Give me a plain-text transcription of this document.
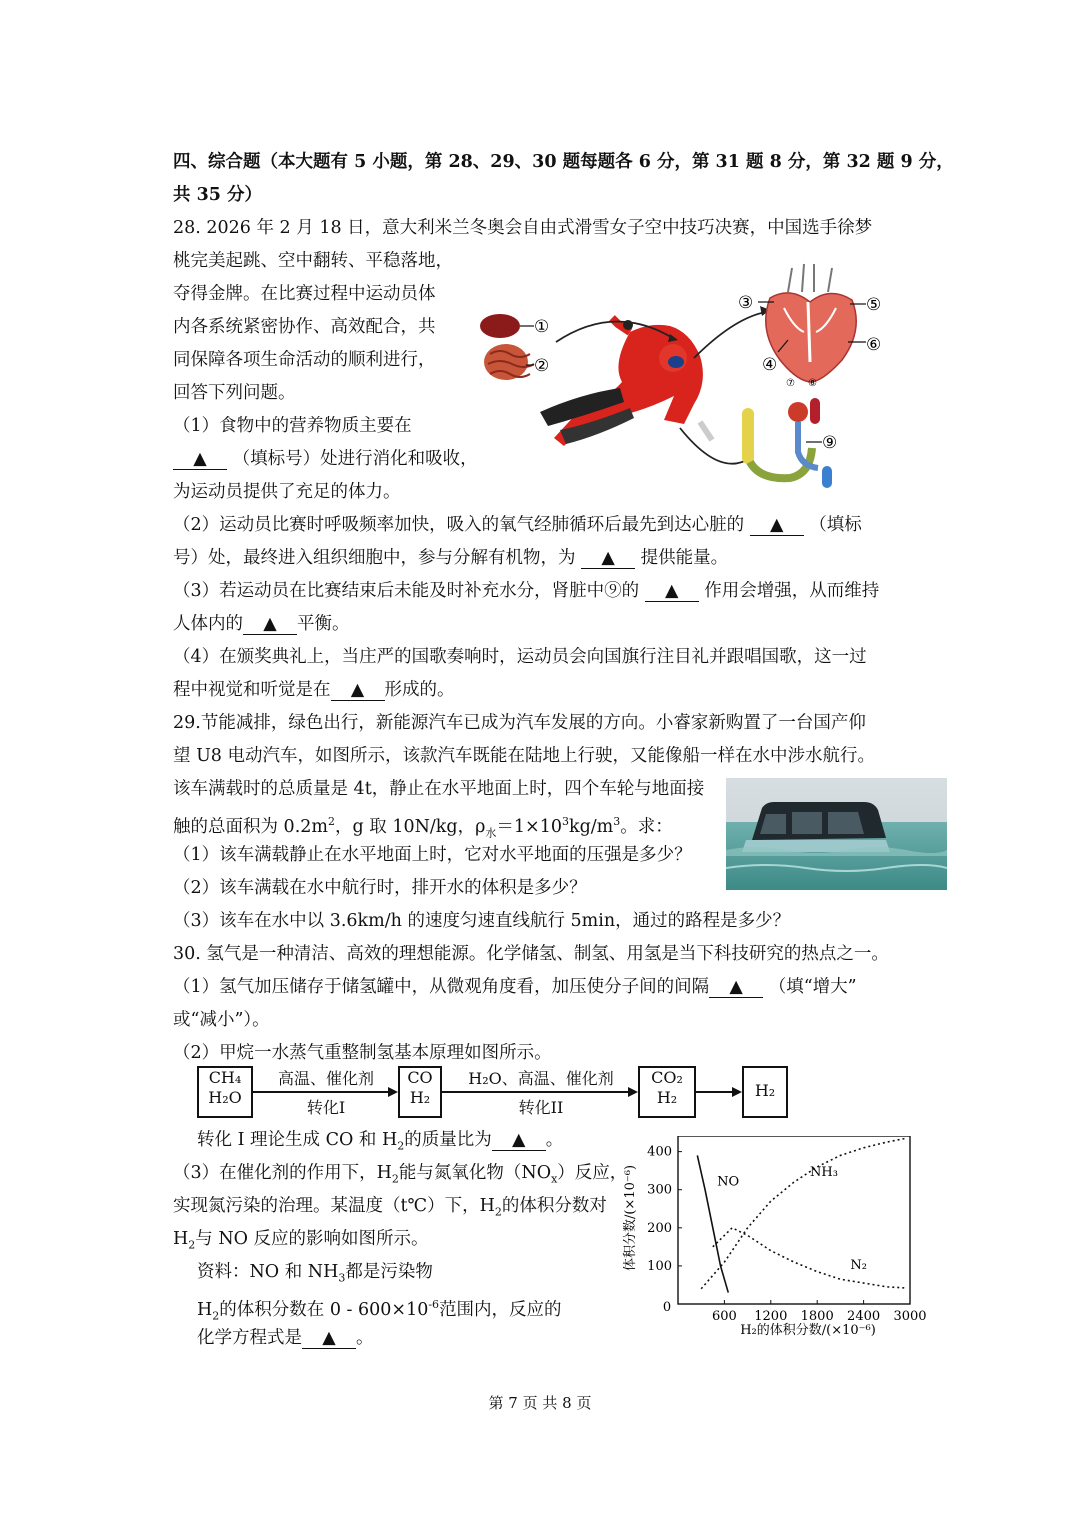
四、综合题（本大题有 5 小题，第 28、29、30 题每题各 6 分，第 31 题 8 分，第 32 题 9 分，
共 35 分）
28. 2026 年 2 月 18 日，意大利米兰冬奥会自由式滑雪女子空中技巧决赛，中国选手徐梦
桃完美起跳、空中翻转、平稳落地，
夺得金牌。在比赛过程中运动员体
内各系统紧密协作、高效配合，共
同保障各项生命活动的顺利进行，
回答下列问题。
（1）食物中的营养物质主要在
▲ （填标号）处进行消化和吸收，
为运动员提供了充足的体力。
（2）运动员比赛时呼吸频率加快，吸入的氧气经肺循环后最先到达心脏的 ▲ （填标
号）处，最终进入组织细胞中，参与分解有机物，为 ▲ 提供能量。
（3）若运动员在比赛结束后未能及时补充水分，肾脏中⑨的 ▲ 作用会增强，从而维持
人体内的 ▲ 平衡。
（4）在颁奖典礼上，当庄严的国歌奏响时，运动员会向国旗行注目礼并跟唱国歌，这一过
程中视觉和听觉是在 ▲ 形成的。
①
②
③
④
⑤
⑥
⑦ ⑧
⑨
29.节能减排，绿色出行，新能源汽车已成为汽车发展的方向。小睿家新购置了一台国产仰
望 U8 电动汽车，如图所示，该款汽车既能在陆地上行驶，又能像船一样在水中涉水航行。
该车满载时的总质量是 4t，静止在水平地面上时，四个车轮与地面接
触的总面积为 $0.2m^2$，g 取 10N/kg，$\rho_水=1\times 10^3kg/m^3$。求：
（1）该车满载静止在水平地面上时，它对水平地面的压强是多少？
（2）该车满载在水中航行时，排开水的体积是多少？
（3）该车在水中以 3.6km/h 的速度匀速直线航行 5min，通过的路程是多少？
30. 氢气是一种清洁、高效的理想能源。化学储氢、制氢、用氢是当下科技研究的热点之一。
（1）氢气加压储存于储氢罐中，从微观角度看，加压使分子间的间隔 ▲ （填“增大”
或“减小”）。
（2）甲烷一水蒸气重整制氢基本原理如图所示。
CH₄
H₂O
高温、催化剂
转化I
CO
H₂
H₂O、高温、催化剂
转化II
CO₂
H₂	H₂
转化 I 理论生成 CO 和 $H_2$的质量比为 ▲ 。
（3）在催化剂的作用下，$H_2$能与氮氧化物$(NO_x)$反应，
实现氮污染的治理。某温度（t℃）下，$H_2$的体积分数对
$H_2$与 NO 反应的影响如图所示。
资料：NO 和 $NH_3$都是污染物
$H_2$的体积分数在 $0 - 600\times 10^{-6}$范围内，反应的
化学方程式是 ▲ 。
600 1200 1800 2400 3000
100
200
300
400
NO
NH₃
N₂
H₂的体积分数/(×10⁻⁶)
体积分数/(×10⁻⁶)
0
第 7 页 共 8 页
